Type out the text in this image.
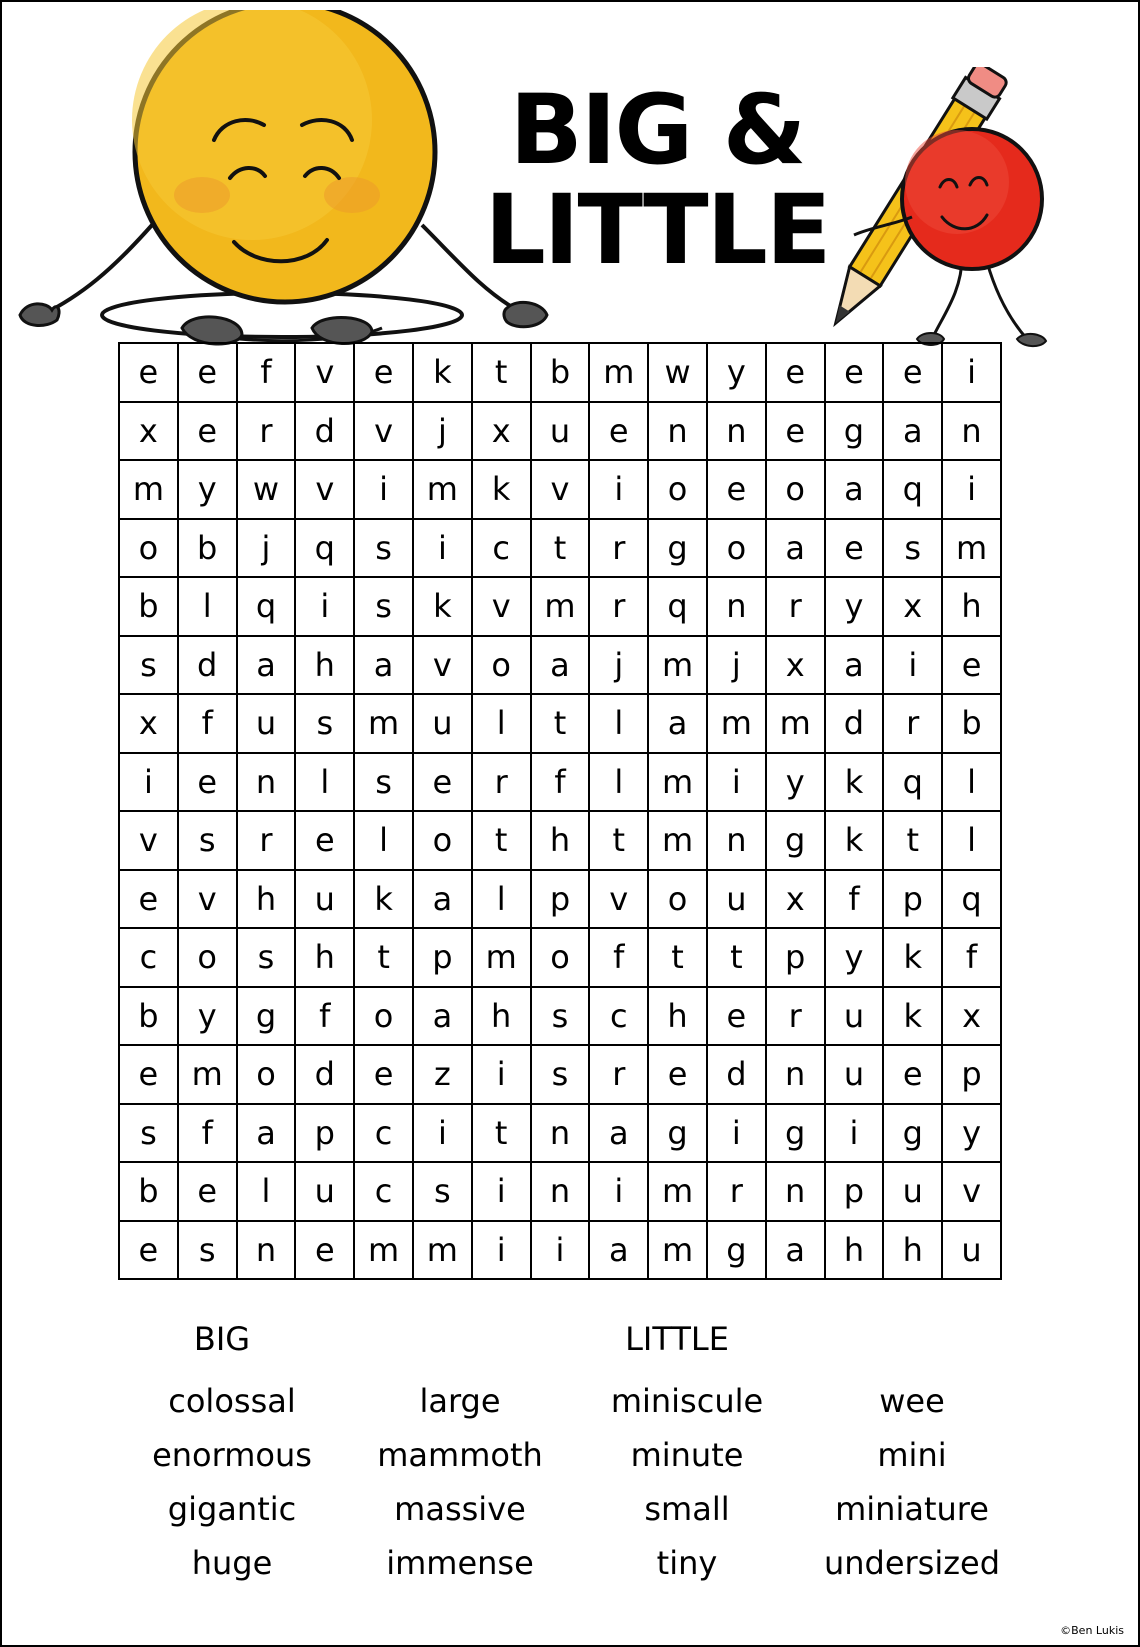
BIG &
LITTLE
e	e	f	v	e	k	t	b	m	w	y	e	e	e	i
x	e	r	d	v	j	x	u	e	n	n	e	g	a	n
m	y	w	v	i	m	k	v	i	o	e	o	a	q	i
o	b	j	q	s	i	c	t	r	g	o	a	e	s	m
b	l	q	i	s	k	v	m	r	q	n	r	y	x	h
s	d	a	h	a	v	o	a	j	m	j	x	a	i	e
x	f	u	s	m	u	l	t	l	a	m	m	d	r	b
i	e	n	l	s	e	r	f	l	m	i	y	k	q	l
v	s	r	e	l	o	t	h	t	m	n	g	k	t	l
e	v	h	u	k	a	l	p	v	o	u	x	f	p	q
c	o	s	h	t	p	m	o	f	t	t	p	y	k	f
b	y	g	f	o	a	h	s	c	h	e	r	u	k	x
e	m	o	d	e	z	i	s	r	e	d	n	u	e	p
s	f	a	p	c	i	t	n	a	g	i	g	i	g	y
b	e	l	u	c	s	i	n	i	m	r	n	p	u	v
e	s	n	e	m	m	i	i	a	m	g	a	h	h	u
BIG	LITTLE
colossal
enormous
gigantic
huge
large
mammoth
massive
immense
miniscule
minute
small
tiny
wee
mini
miniature
undersized
©Ben Lukis
